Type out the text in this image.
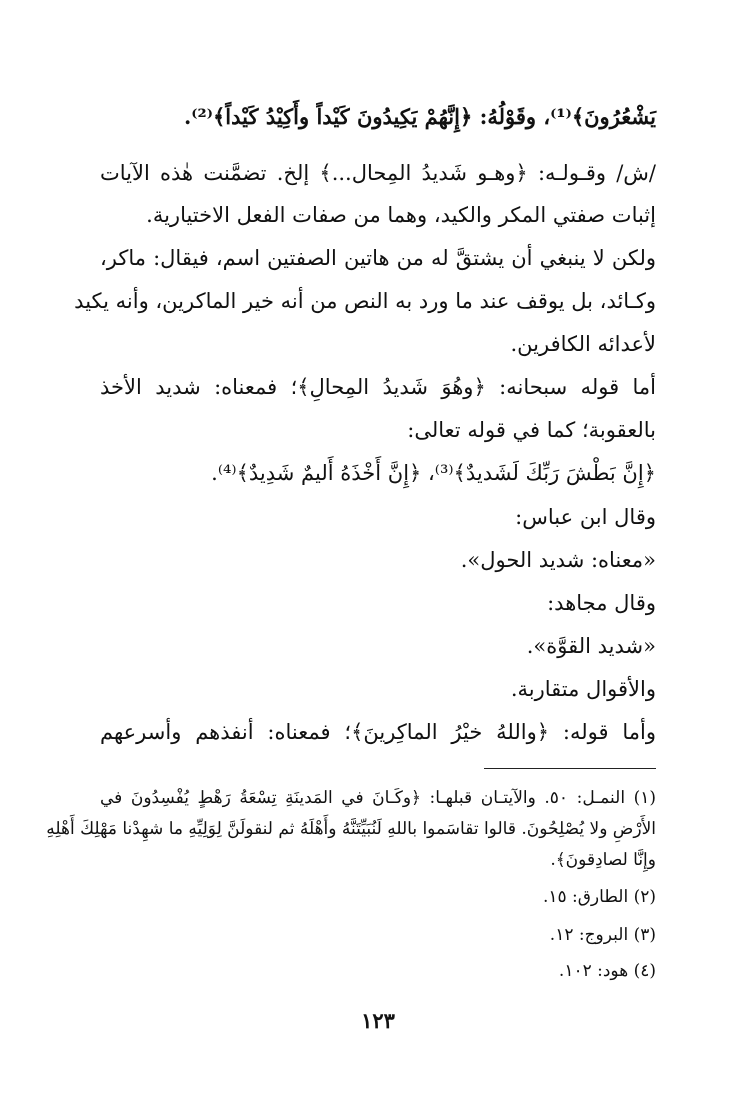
يَشْعُرُونَ﴾⁽¹⁾، وقَوْلُهُ: ﴿إِنَّهُمْ يَكِيدُونَ كَيْداً وأَكِيْدُ كَيْداً﴾⁽²⁾.
/ش/ وقـولـه: ﴿وهـو شَديدُ المِحال...﴾ إلخ. تضمَّنت هٰذه الآيات
إثبات صفتي المكر والكيد، وهما من صفات الفعل الاختيارية.
ولكن لا ينبغي أن يشتقَّ له من هاتين الصفتين اسم، فيقال: ماكر،
وكـائد، بل يوقف عند ما ورد به النص من أنه خير الماكرين، وأنه يكيد
لأعدائه الكافرين.
أما قوله سبحانه: ﴿وهُوَ شَديدُ المِحالِ﴾؛ فمعناه: شديد الأخذ
بالعقوبة؛ كما في قوله تعالى:
﴿إِنَّ بَطْشَ رَبِّكَ لَشَديدٌ﴾⁽³⁾، ﴿إِنَّ أَخْذَهُ أَليمٌ شَدِيدٌ﴾⁽⁴⁾.
وقال ابن عباس:
«معناه: شديد الحول».
وقال مجاهد:
«شديد القوَّة».
والأقوال متقاربة.
وأما قوله: ﴿واللهُ خيْرُ الماكِرينَ﴾؛ فمعناه: أنفذهم وأسرعهم
(١) النمـل: ٥٠. والآيتـان قبلهـا: ﴿وكَـانَ في المَدينَةِ تِسْعَةُ رَهْطٍ يُفْسِدُونَ في
الأَرْضِ ولا يُصْلِحُونَ. قالوا تقاسَموا باللهِ لَنُبَيِّتَنَّهُ وأَهْلَهُ ثم لنقولَنَّ لِوَلِيِّهِ ما شهِدْنا مَهْلِكَ أَهْلِهِ
وإِنَّا لصادِقونَ﴾.
(٢) الطارق: ١٥.
(٣) البروج: ١٢.
(٤) هود: ١٠٢.
١٢٣
